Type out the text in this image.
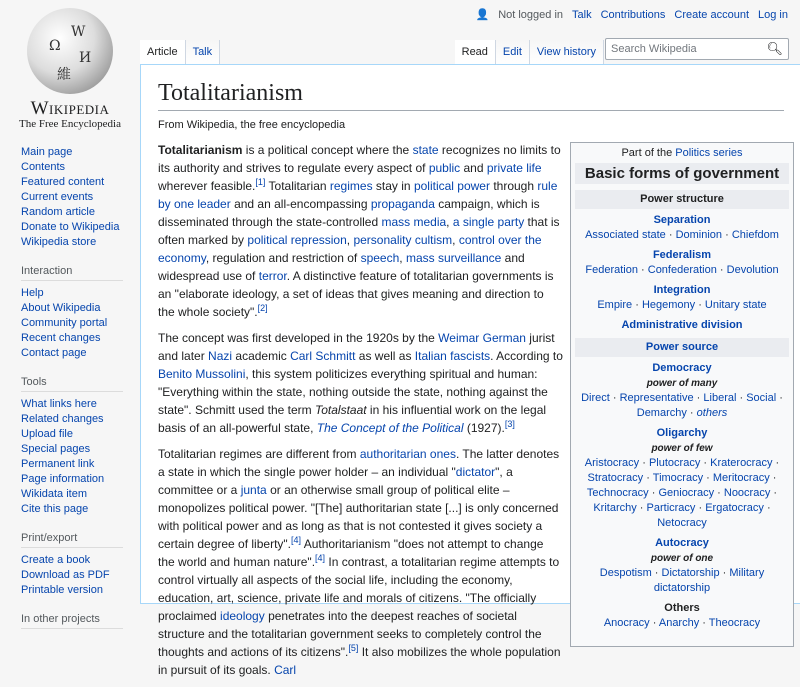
Ω
W
И
維
Wikipedia
The Free Encyclopedia
👤 Not logged in Talk Contributions Create account Log in
Article	Talk	Read	Edit	View history	Search Wikipedia	🔍︎
Main page
Contents
Featured content
Current events
Random article
Donate to Wikipedia
Wikipedia store
Interaction
Help
About Wikipedia
Community portal
Recent changes
Contact page
Tools
What links here
Related changes
Upload file
Special pages
Permanent link
Page information
Wikidata item
Cite this page
Print/export
Create a book
Download as PDF
Printable version
In other projects
Totalitarianism
From Wikipedia, the free encyclopedia

Totalitarianism is a political concept where the state recognizes no limits to its authority and strives to regulate every aspect of public and private life wherever feasible.[1] Totalitarian regimes stay in political power through rule by one leader and an all-encompassing propaganda campaign, which is disseminated through the state-controlled mass media, a single party that is often marked by political repression, personality cultism, control over the economy, regulation and restriction of speech, mass surveillance and widespread use of terror. A distinctive feature of totalitarian governments is an "elaborate ideology, a set of ideas that gives meaning and direction to the whole society".[2]

The concept was first developed in the 1920s by the Weimar German jurist and later Nazi academic Carl Schmitt as well as Italian fascists. According to Benito Mussolini, this system politicizes everything spiritual and human: "Everything within the state, nothing outside the state, nothing against the state". Schmitt used the term Totalstaat in his influential work on the legal basis of an all-powerful state, The Concept of the Political (1927).[3]

Totalitarian regimes are different from authoritarian ones. The latter denotes a state in which the single power holder – an individual "dictator", a committee or a junta or an otherwise small group of political elite – monopolizes political power. "[The] authoritarian state [...] is only concerned with political power and as long as that is not contested it gives society a certain degree of liberty".[4] Authoritarianism "does not attempt to change the world and human nature".[4] In contrast, a totalitarian regime attempts to control virtually all aspects of the social life, including the economy, education, art, science, private life and morals of citizens. "The officially proclaimed ideology penetrates into the deepest reaches of societal structure and the totalitarian government seeks to completely control the thoughts and actions of its citizens".[5] It also mobilizes the whole population in pursuit of its goals. Carl

Part of the Politics series
Basic forms of government
Power structure
Separation
Associated state · Dominion · Chiefdom
Federalism
Federation · Confederation · Devolution
Integration
Empire · Hegemony · Unitary state
Administrative division
Power source
Democracy
power of many
Direct · Representative · Liberal · Social · Demarchy · others
Oligarchy
power of few
Aristocracy · Plutocracy · Kraterocracy · Stratocracy · Timocracy · Meritocracy · Technocracy · Geniocracy · Noocracy · Kritarchy · Particracy · Ergatocracy · Netocracy
Autocracy
power of one
Despotism · Dictatorship · Military dictatorship
Others
Anocracy · Anarchy · Theocracy
